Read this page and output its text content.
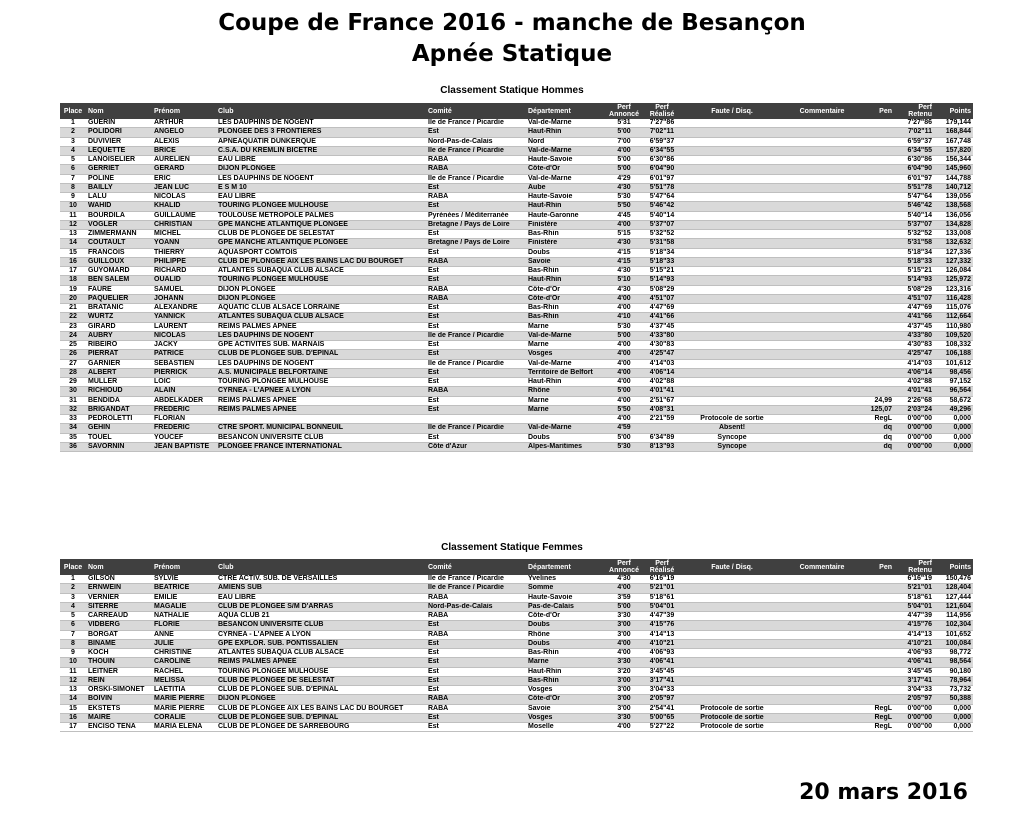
Coupe de France 2016 - manche de Besançon
Apnée Statique
Classement Statique Hommes
Place	Nom	Prénom	Club	Comité	Département	Perf Annoncé	Perf Réalisé	Faute / Disq.	Commentaire	Pen	Perf Retenu	Points
1	GUERIN	ARTHUR	LES DAUPHINS DE NOGENT	Île de France / Picardie	Val-de-Marne	5'31	7'27"86				7'27"86	179,144
2	POLIDORI	ANGELO	PLONGEE DES 3 FRONTIERES	Est	Haut-Rhin	5'00	7'02"11				7'02"11	168,844
3	DUVIVIER	ALEXIS	APNEAQUATIR DUNKERQUE	Nord-Pas-de-Calais	Nord	7'00	6'59"37				6'59"37	167,748
4	LEQUETTE	BRICE	C.S.A. DU KREMLIN BICETRE	Île de France / Picardie	Val-de-Marne	4'00	6'34"55				6'34"55	157,820
5	LANOISELIER	AURELIEN	EAU LIBRE	RABA	Haute-Savoie	5'00	6'30"86				6'30"86	156,344
6	GERRIET	GERARD	DIJON PLONGEE	RABA	Côte-d'Or	5'00	6'04"90				6'04"90	145,960
7	POLINE	ERIC	LES DAUPHINS DE NOGENT	Île de France / Picardie	Val-de-Marne	4'29	6'01"97				6'01"97	144,788
8	BAILLY	JEAN LUC	E S M 10	Est	Aube	4'30	5'51"78				5'51"78	140,712
9	LALU	NICOLAS	EAU LIBRE	RABA	Haute-Savoie	5'30	5'47"64				5'47"64	139,056
10	WAHID	KHALID	TOURING PLONGEE MULHOUSE	Est	Haut-Rhin	5'50	5'46"42				5'46"42	138,568
11	BOURDILA	GUILLAUME	TOULOUSE METROPOLE PALMES	Pyrénées / Méditerranée	Haute-Garonne	4'45	5'40"14				5'40"14	136,056
12	VOGLER	CHRISTIAN	GPE MANCHE ATLANTIQUE PLONGEE	Bretagne / Pays de Loire	Finistère	4'00	5'37"07				5'37"07	134,828
13	ZIMMERMANN	MICHEL	CLUB DE PLONGEE DE SELESTAT	Est	Bas-Rhin	5'15	5'32"52				5'32"52	133,008
14	COUTAULT	YOANN	GPE MANCHE ATLANTIQUE PLONGEE	Bretagne / Pays de Loire	Finistère	4'30	5'31"58				5'31"58	132,632
15	FRANCOIS	THIERRY	AQUASPORT COMTOIS	Est	Doubs	4'15	5'18"34				5'18"34	127,336
16	GUILLOUX	PHILIPPE	CLUB DE PLONGEE AIX LES BAINS LAC DU BOURGET	RABA	Savoie	4'15	5'18"33				5'18"33	127,332
17	GUYOMARD	RICHARD	ATLANTES SUBAQUA CLUB ALSACE	Est	Bas-Rhin	4'30	5'15"21				5'15"21	126,084
18	BEN SALEM	OUALID	TOURING PLONGEE MULHOUSE	Est	Haut-Rhin	5'10	5'14"93				5'14"93	125,972
19	FAURE	SAMUEL	DIJON PLONGEE	RABA	Côte-d'Or	4'30	5'08"29				5'08"29	123,316
20	PAQUELIER	JOHANN	DIJON PLONGEE	RABA	Côte-d'Or	4'00	4'51"07				4'51"07	116,428
21	BRATANIC	ALEXANDRE	AQUATIC CLUB ALSACE LORRAINE	Est	Bas-Rhin	4'00	4'47"69				4'47"69	115,076
22	WURTZ	YANNICK	ATLANTES SUBAQUA CLUB ALSACE	Est	Bas-Rhin	4'10	4'41"66				4'41"66	112,664
23	GIRARD	LAURENT	REIMS PALMES APNEE	Est	Marne	5'30	4'37"45				4'37"45	110,980
24	AUBRY	NICOLAS	LES DAUPHINS DE NOGENT	Île de France / Picardie	Val-de-Marne	5'00	4'33"80				4'33"80	109,520
25	RIBEIRO	JACKY	GPE ACTIVITES SUB. MARNAIS	Est	Marne	4'00	4'30"83				4'30"83	108,332
26	PIERRAT	PATRICE	CLUB DE PLONGEE SUB. D'EPINAL	Est	Vosges	4'00	4'25"47				4'25"47	106,188
27	GARNIER	SEBASTIEN	LES DAUPHINS DE NOGENT	Île de France / Picardie	Val-de-Marne	4'00	4'14"03				4'14"03	101,612
28	ALBERT	PIERRICK	A.S. MUNICIPALE BELFORTAINE	Est	Territoire de Belfort	4'00	4'06"14				4'06"14	98,456
29	MULLER	LOIC	TOURING PLONGEE MULHOUSE	Est	Haut-Rhin	4'00	4'02"88				4'02"88	97,152
30	RICHIOUD	ALAIN	CYRNEA - L'APNEE A LYON	RABA	Rhône	5'00	4'01"41				4'01"41	96,564
31	BENDIDA	ABDELKADER	REIMS PALMES APNEE	Est	Marne	4'00	2'51"67			24,99	2'26"68	58,672
32	BRIGANDAT	FREDERIC	REIMS PALMES APNEE	Est	Marne	5'50	4'08"31			125,07	2'03"24	49,296
33	PEDROLETTI	FLORIAN				4'00	2'21"59	Protocole de sortie		RegL	0'00"00	0,000
34	GEHIN	FREDERIC	CTRE SPORT. MUNICIPAL BONNEUIL	Île de France / Picardie	Val-de-Marne	4'59		Absent!		dq	0'00"00	0,000
35	TOUEL	YOUCEF	BESANCON UNIVERSITE CLUB	Est	Doubs	5'00	6'34"89	Syncope		dq	0'00"00	0,000
36	SAVORNIN	JEAN BAPTISTE	PLONGEE FRANCE INTERNATIONAL	Côte d'Azur	Alpes-Maritimes	5'30	8'13"93	Syncope		dq	0'00"00	0,000
Classement Statique Femmes
Place	Nom	Prénom	Club	Comité	Département	Perf Annoncé	Perf Réalisé	Faute / Disq.	Commentaire	Pen	Perf Retenu	Points
1	GILSON	SYLVIE	CTRE ACTIV. SUB. DE VERSAILLES	Île de France / Picardie	Yvelines	4'30	6'16"19				6'16"19	150,476
2	ERNWEIN	BEATRICE	AMIENS SUB	Île de France / Picardie	Somme	4'00	5'21"01				5'21"01	128,404
3	VERNIER	EMILIE	EAU LIBRE	RABA	Haute-Savoie	3'59	5'18"61				5'18"61	127,444
4	SITERRE	MAGALIE	CLUB DE PLONGEE S/M D'ARRAS	Nord-Pas-de-Calais	Pas-de-Calais	5'00	5'04"01				5'04"01	121,604
5	CARREAUD	NATHALIE	AQUA CLUB 21	RABA	Côte-d'Or	3'30	4'47"39				4'47"39	114,956
6	VIDBERG	FLORIE	BESANCON UNIVERSITE CLUB	Est	Doubs	3'00	4'15"76				4'15"76	102,304
7	BORGAT	ANNE	CYRNEA - L'APNEE A LYON	RABA	Rhône	3'00	4'14"13				4'14"13	101,652
8	BINAME	JULIE	GPE EXPLOR. SUB. PONTISSALIEN	Est	Doubs	4'00	4'10"21				4'10"21	100,084
9	KOCH	CHRISTINE	ATLANTES SUBAQUA CLUB ALSACE	Est	Bas-Rhin	4'00	4'06"93				4'06"93	98,772
10	THOUIN	CAROLINE	REIMS PALMES APNEE	Est	Marne	3'30	4'06"41				4'06"41	98,564
11	LEITNER	RACHEL	TOURING PLONGEE MULHOUSE	Est	Haut-Rhin	3'20	3'45"45				3'45"45	90,180
12	REIN	MELISSA	CLUB DE PLONGEE DE SELESTAT	Est	Bas-Rhin	3'00	3'17"41				3'17"41	78,964
13	ORSKI-SIMONET	LAETITIA	CLUB DE PLONGEE SUB. D'EPINAL	Est	Vosges	3'00	3'04"33				3'04"33	73,732
14	BOIVIN	MARIE PIERRE	DIJON PLONGEE	RABA	Côte-d'Or	3'00	2'05"97				2'05"97	50,388
15	EKSTETS	MARIE PIERRE	CLUB DE PLONGEE AIX LES BAINS LAC DU BOURGET	RABA	Savoie	3'00	2'54"41	Protocole de sortie		RegL	0'00"00	0,000
16	MAIRE	CORALIE	CLUB DE PLONGEE SUB. D'EPINAL	Est	Vosges	3'30	5'00"65	Protocole de sortie		RegL	0'00"00	0,000
17	ENCISO TENA	MARIA ELENA	CLUB DE PLONGEE DE SARREBOURG	Est	Moselle	4'00	5'27"22	Protocole de sortie		RegL	0'00"00	0,000
20 mars 2016
